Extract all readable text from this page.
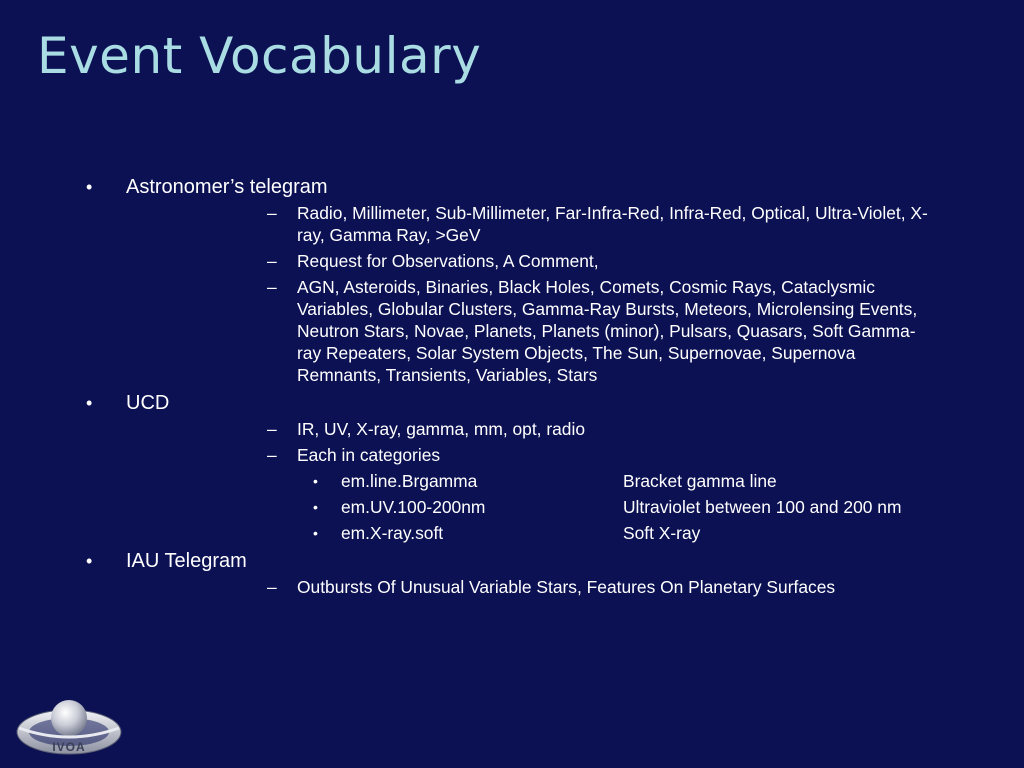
Event Vocabulary
• Astronomer’s telegram
– Radio, Millimeter, Sub-Millimeter, Far-Infra-Red, Infra-Red, Optical, Ultra-Violet, X-ray, Gamma Ray, >GeV
– Request for Observations, A Comment,
– AGN, Asteroids, Binaries, Black Holes, Comets, Cosmic Rays, Cataclysmic Variables, Globular Clusters, Gamma-Ray Bursts, Meteors, Microlensing Events, Neutron Stars, Novae, Planets, Planets (minor), Pulsars, Quasars, Soft Gamma-ray Repeaters, Solar System Objects, The Sun, Supernovae, Supernova Remnants, Transients, Variables, Stars
• UCD
– IR, UV, X-ray, gamma, mm, opt, radio
– Each in categories
• em.line.Brgamma	Bracket gamma line
• em.UV.100-200nm	Ultraviolet between 100 and 200 nm
• em.X-ray.soft	Soft X-ray
• IAU Telegram
– Outbursts Of Unusual Variable Stars, Features On Planetary Surfaces
IVOA
